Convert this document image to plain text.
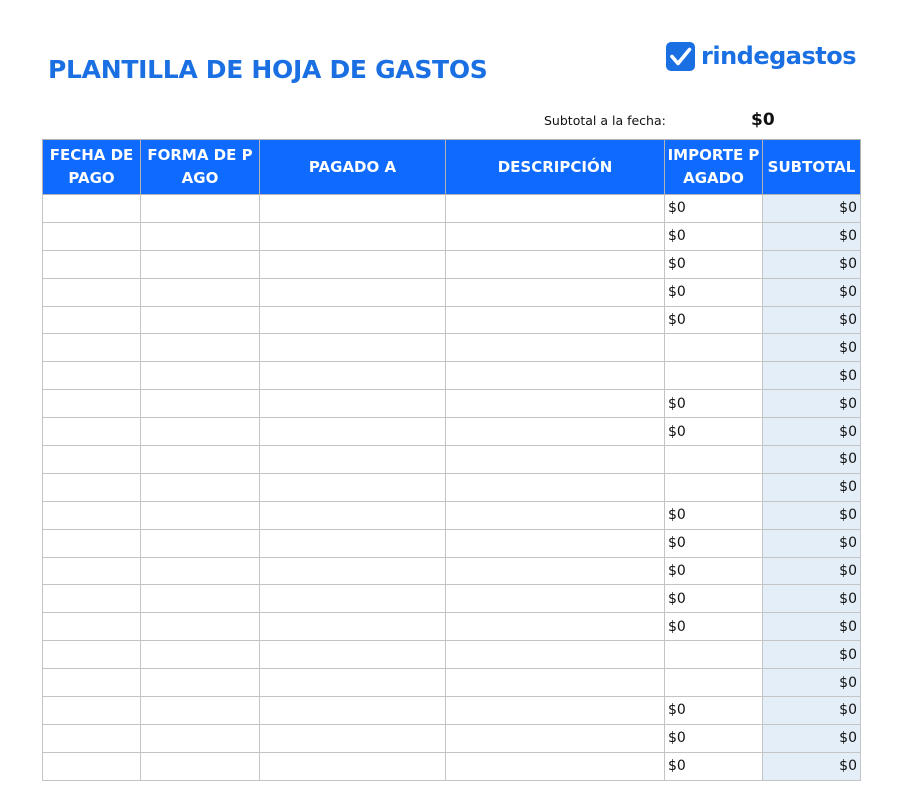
PLANTILLA DE HOJA DE GASTOS	rindegastos
Subtotal a la fecha:	$0
FECHA DE PAGO	FORMA DE PAGO	PAGADO A	DESCRIPCIÓN	IMPORTE PAGADO	SUBTOTAL
				$0	$0
				$0	$0
				$0	$0
				$0	$0
				$0	$0
					$0
					$0
				$0	$0
				$0	$0
					$0
					$0
				$0	$0
				$0	$0
				$0	$0
				$0	$0
				$0	$0
					$0
					$0
				$0	$0
				$0	$0
				$0	$0
